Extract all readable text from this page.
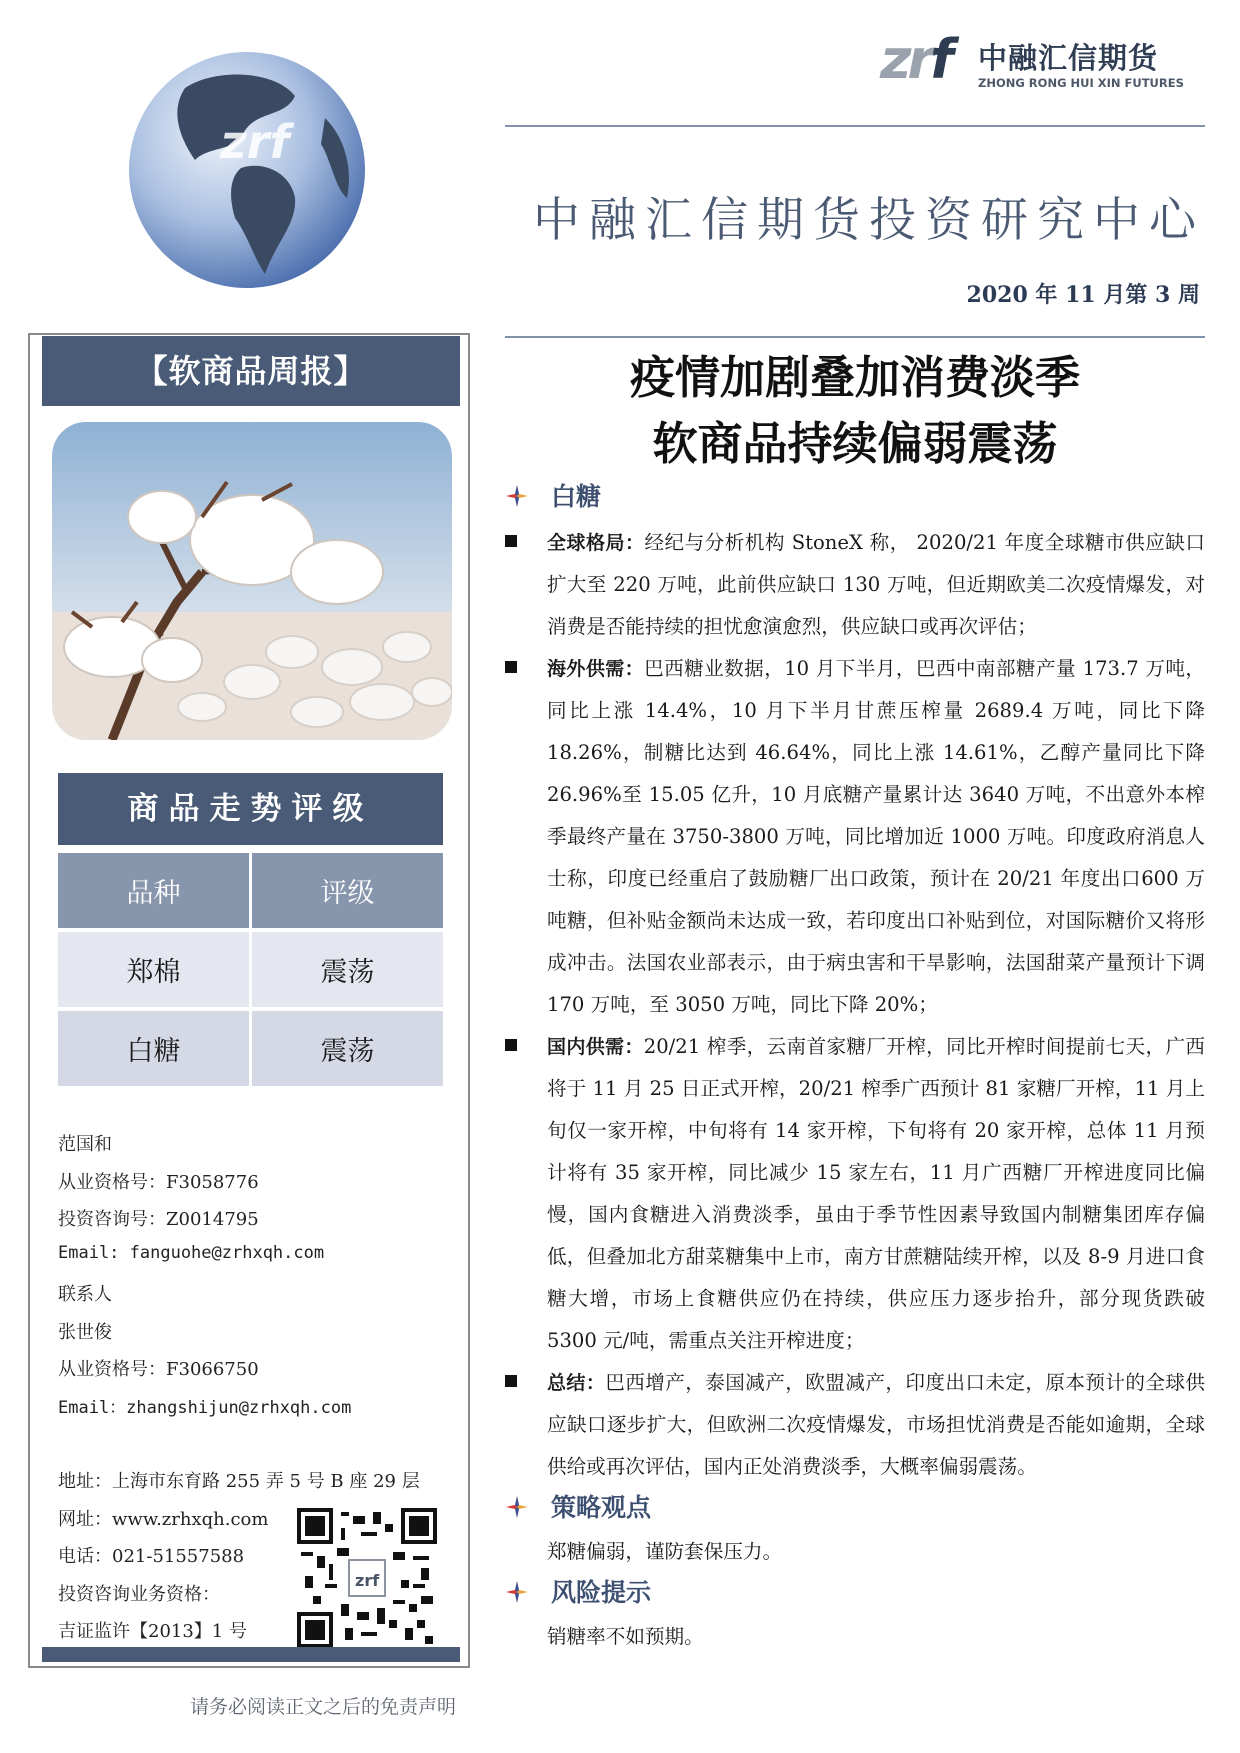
zrf
zrf 中融汇信期货
ZHONG RONG HUI XIN FUTURES
中融汇信期货投资研究中心
2020 年 11 月第 3 周
【软商品周报】
商品走势评级
品种	评级
郑棉	震荡
白糖	震荡
范国和
从业资格号：F3058776
投资咨询号：Z0014795
Email: fanguohe@zrhxqh.com
联系人
张世俊
从业资格号：F3066750
Email：zhangshijun@zrhxqh.com
地址：上海市东育路 255 弄 5 号 B 座 29 层
网址：www.zrhxqh.com
电话：021-51557588
投资咨询业务资格：
吉证监许【2013】1 号
zrf
请务必阅读正文之后的免责声明
疫情加剧叠加消费淡季
软商品持续偏弱震荡
白糖

全球格局：经纪与分析机构 StoneX 称， 2020/21 年度全球糖市供应缺口扩大至 220 万吨，此前供应缺口 130 万吨，但近期欧美二次疫情爆发，对消费是否能持续的担忧愈演愈烈，供应缺口或再次评估；

海外供需：巴西糖业数据，10 月下半月，巴西中南部糖产量 173.7 万吨，同比上涨 14.4%，10 月下半月甘蔗压榨量 2689.4 万吨，同比下降18.26%，制糖比达到 46.64%，同比上涨 14.61%，乙醇产量同比下降26.96%至 15.05 亿升，10 月底糖产量累计达 3640 万吨，不出意外本榨季最终产量在 3750-3800 万吨，同比增加近 1000 万吨。印度政府消息人士称，印度已经重启了鼓励糖厂出口政策，预计在 20/21 年度出口600 万吨糖，但补贴金额尚未达成一致，若印度出口补贴到位，对国际糖价又将形成冲击。法国农业部表示，由于病虫害和干旱影响，法国甜菜产量预计下调 170 万吨，至 3050 万吨，同比下降 20%；

国内供需：20/21 榨季，云南首家糖厂开榨，同比开榨时间提前七天，广西将于 11 月 25 日正式开榨，20/21 榨季广西预计 81 家糖厂开榨，11 月上旬仅一家开榨，中旬将有 14 家开榨，下旬将有 20 家开榨，总体 11 月预计将有 35 家开榨，同比减少 15 家左右，11 月广西糖厂开榨进度同比偏慢，国内食糖进入消费淡季，虽由于季节性因素导致国内制糖集团库存偏低，但叠加北方甜菜糖集中上市，南方甘蔗糖陆续开榨，以及 8-9 月进口食糖大增，市场上食糖供应仍在持续，供应压力逐步抬升，部分现货跌破 5300 元/吨，需重点关注开榨进度；

总结：巴西增产，泰国减产，欧盟减产，印度出口未定，原本预计的全球供应缺口逐步扩大，但欧洲二次疫情爆发，市场担忧消费是否能如逾期，全球供给或再次评估，国内正处消费淡季，大概率偏弱震荡。

策略观点
郑糖偏弱，谨防套保压力。
风险提示
销糖率不如预期。
